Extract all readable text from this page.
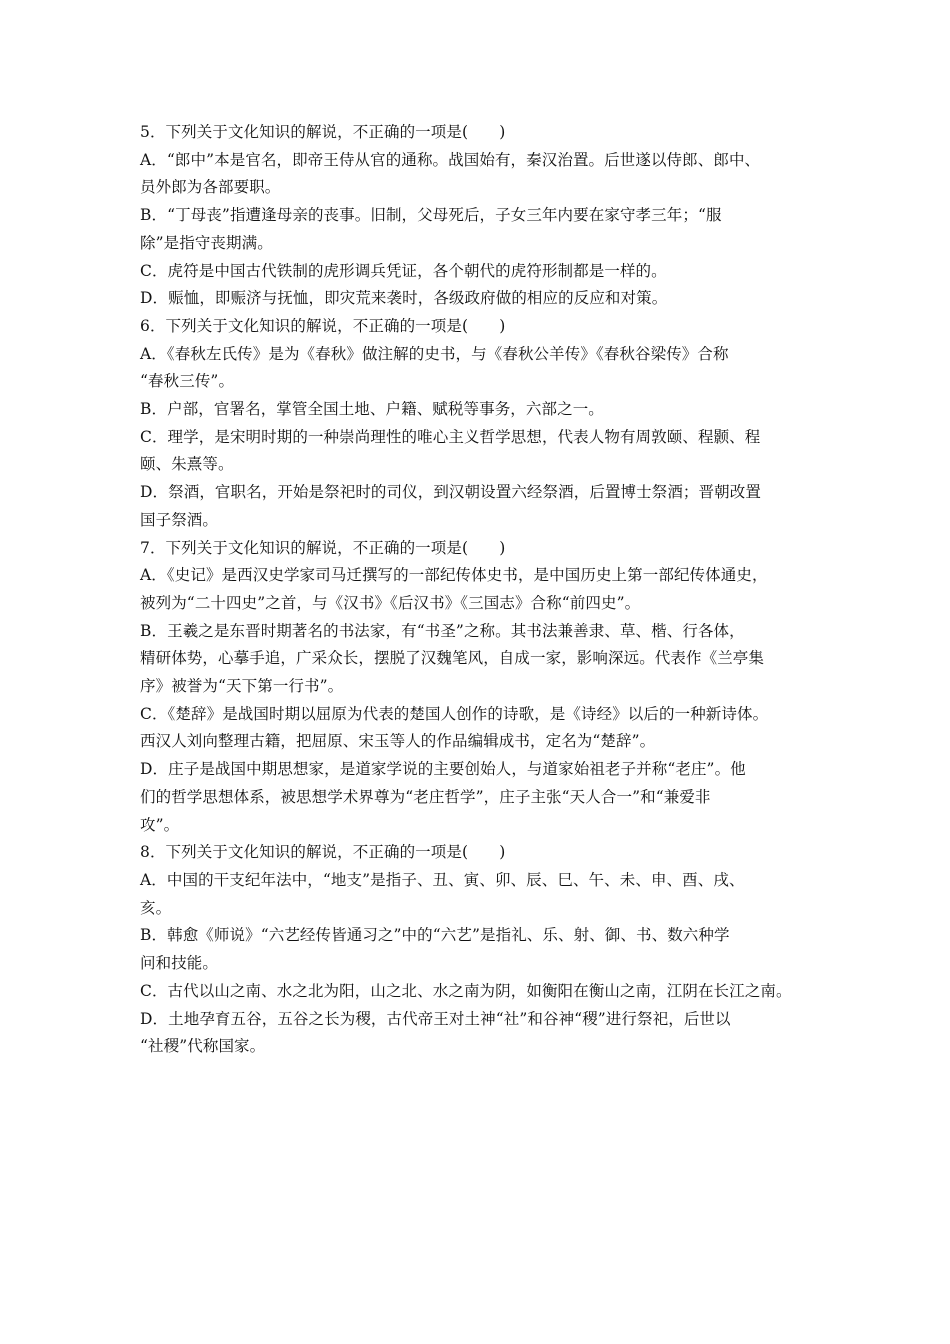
5．下列关于文化知识的解说，不正确的一项是(　　)
A．“郎中”本是官名，即帝王侍从官的通称。战国始有，秦汉治置。后世遂以侍郎、郎中、
员外郎为各部要职。
B．“丁母丧”指遭逢母亲的丧事。旧制，父母死后，子女三年内要在家守孝三年；“服
除”是指守丧期满。
C．虎符是中国古代铁制的虎形调兵凭证，各个朝代的虎符形制都是一样的。
D．赈恤，即赈济与抚恤，即灾荒来袭时，各级政府做的相应的反应和对策。
6．下列关于文化知识的解说，不正确的一项是(　　)
A．《春秋左氏传》是为《春秋》做注解的史书，与《春秋公羊传》《春秋谷梁传》合称
“春秋三传”。
B．户部，官署名，掌管全国土地、户籍、赋税等事务，六部之一。
C．理学，是宋明时期的一种崇尚理性的唯心主义哲学思想，代表人物有周敦颐、程颢、程
颐、朱熹等。
D．祭酒，官职名，开始是祭祀时的司仪，到汉朝设置六经祭酒，后置博士祭酒；晋朝改置
国子祭酒。
7．下列关于文化知识的解说，不正确的一项是(　　)
A．《史记》是西汉史学家司马迁撰写的一部纪传体史书，是中国历史上第一部纪传体通史，
被列为“二十四史”之首，与《汉书》《后汉书》《三国志》合称“前四史”。
B．王羲之是东晋时期著名的书法家，有“书圣”之称。其书法兼善隶、草、楷、行各体，
精研体势，心摹手追，广采众长，摆脱了汉魏笔风，自成一家，影响深远。代表作《兰亭集
序》被誉为“天下第一行书”。
C．《楚辞》是战国时期以屈原为代表的楚国人创作的诗歌，是《诗经》以后的一种新诗体。
西汉人刘向整理古籍，把屈原、宋玉等人的作品编辑成书，定名为“楚辞”。
D．庄子是战国中期思想家，是道家学说的主要创始人，与道家始祖老子并称“老庄”。他
们的哲学思想体系，被思想学术界尊为“老庄哲学”，庄子主张“天人合一”和“兼爱非
攻”。
8．下列关于文化知识的解说，不正确的一项是(　　)
A．中国的干支纪年法中，“地支”是指子、丑、寅、卯、辰、巳、午、未、申、酉、戌、
亥。
B．韩愈《师说》“六艺经传皆通习之”中的“六艺”是指礼、乐、射、御、书、数六种学
问和技能。
C．古代以山之南、水之北为阳，山之北、水之南为阴，如衡阳在衡山之南，江阴在长江之南。
D．土地孕育五谷，五谷之长为稷，古代帝王对土神“社”和谷神“稷”进行祭祀，后世以
“社稷”代称国家。
